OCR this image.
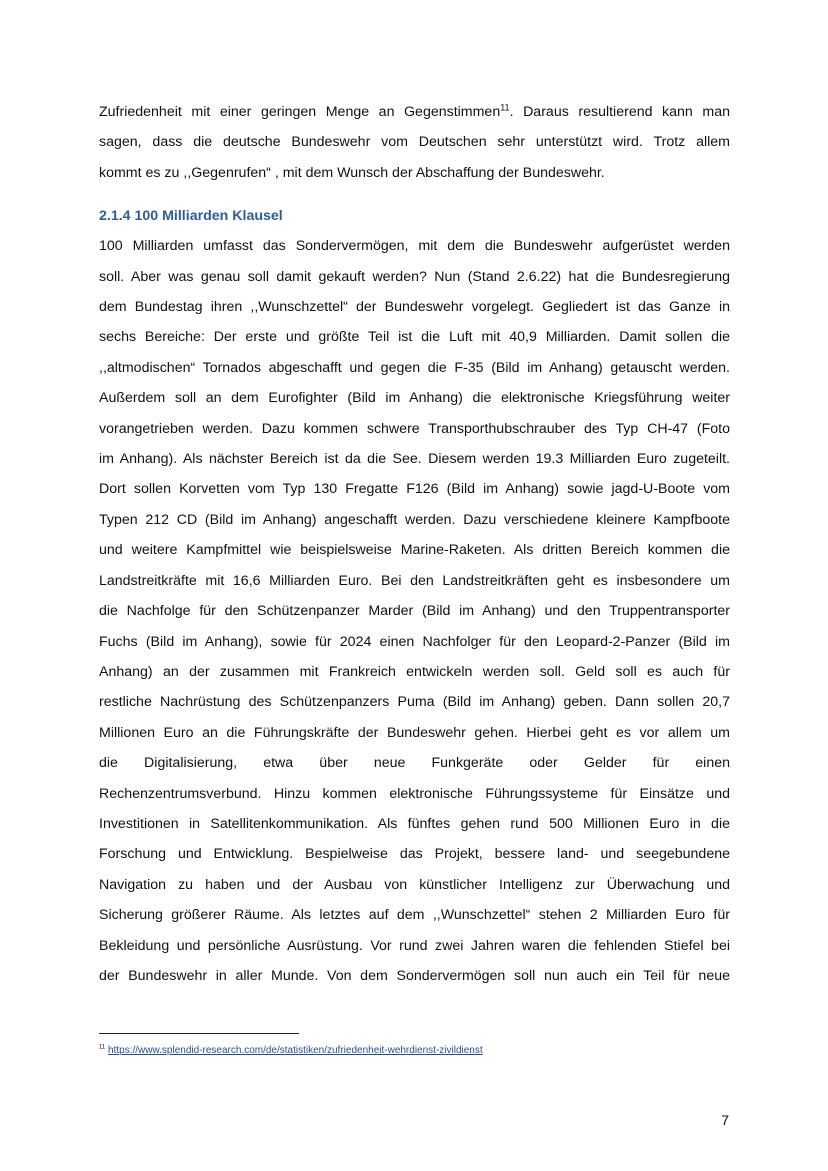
Zufriedenheit mit einer geringen Menge an Gegenstimmen$^{11}$. Daraus resultierend kann man
sagen, dass die deutsche Bundeswehr vom Deutschen sehr unterstützt wird. Trotz allem
kommt es zu ,,Gegenrufen“ , mit dem Wunsch der Abschaffung der Bundeswehr.

2.1.4 100 Milliarden Klausel

100 Milliarden umfasst das Sondervermögen, mit dem die Bundeswehr aufgerüstet werden
soll. Aber was genau soll damit gekauft werden? Nun (Stand 2.6.22) hat die Bundesregierung
dem Bundestag ihren ,,Wunschzettel“ der Bundeswehr vorgelegt. Gegliedert ist das Ganze in
sechs Bereiche: Der erste und größte Teil ist die Luft mit 40,9 Milliarden. Damit sollen die
,,altmodischen“ Tornados abgeschafft und gegen die F-35 (Bild im Anhang) getauscht werden.
Außerdem soll an dem Eurofighter (Bild im Anhang) die elektronische Kriegsführung weiter
vorangetrieben werden. Dazu kommen schwere Transporthubschrauber des Typ CH-47 (Foto
im Anhang). Als nächster Bereich ist da die See. Diesem werden 19.3 Milliarden Euro zugeteilt.
Dort sollen Korvetten vom Typ 130 Fregatte F126 (Bild im Anhang) sowie jagd-U-Boote vom
Typen 212 CD (Bild im Anhang) angeschafft werden. Dazu verschiedene kleinere Kampfboote
und weitere Kampfmittel wie beispielsweise Marine-Raketen. Als dritten Bereich kommen die
Landstreitkräfte mit 16,6 Milliarden Euro. Bei den Landstreitkräften geht es insbesondere um
die Nachfolge für den Schützenpanzer Marder (Bild im Anhang) und den Truppentransporter
Fuchs (Bild im Anhang), sowie für 2024 einen Nachfolger für den Leopard-2-Panzer (Bild im
Anhang) an der zusammen mit Frankreich entwickeln werden soll. Geld soll es auch für
restliche Nachrüstung des Schützenpanzers Puma (Bild im Anhang) geben. Dann sollen 20,7
Millionen Euro an die Führungskräfte der Bundeswehr gehen. Hierbei geht es vor allem um
die Digitalisierung, etwa über neue Funkgeräte oder Gelder für einen
Rechenzentrumsverbund. Hinzu kommen elektronische Führungssysteme für Einsätze und
Investitionen in Satellitenkommunikation. Als fünftes gehen rund 500 Millionen Euro in die
Forschung und Entwicklung. Bespielweise das Projekt, bessere land- und seegebundene
Navigation zu haben und der Ausbau von künstlicher Intelligenz zur Überwachung und
Sicherung größerer Räume. Als letztes auf dem ,,Wunschzettel“ stehen 2 Milliarden Euro für
Bekleidung und persönliche Ausrüstung. Vor rund zwei Jahren waren die fehlenden Stiefel bei
der Bundeswehr in aller Munde. Von dem Sondervermögen soll nun auch ein Teil für neue

$^{11}$ https://www.splendid-research.com/de/statistiken/zufriedenheit-wehrdienst-zivildienst
7
